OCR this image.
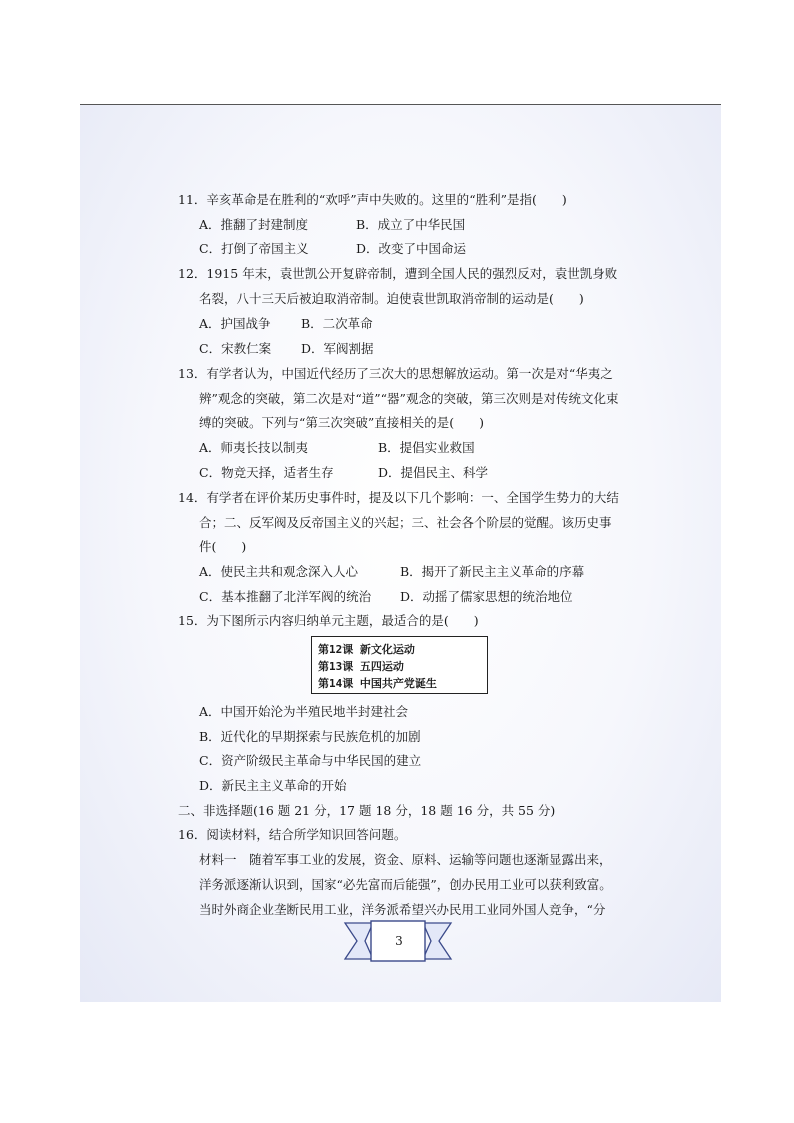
11．辛亥革命是在胜利的“欢呼”声中失败的。这里的“胜利”是指(　　)
A．推翻了封建制度	B．成立了中华民国
C．打倒了帝国主义	D．改变了中国命运
12．1915 年末，袁世凯公开复辟帝制，遭到全国人民的强烈反对，袁世凯身败
名裂，八十三天后被迫取消帝制。迫使袁世凯取消帝制的运动是(　　)
A．护国战争 B．二次革命
C．宋教仁案 D．军阀割据
13．有学者认为，中国近代经历了三次大的思想解放运动。第一次是对“华夷之
辨”观念的突破，第二次是对“道”“器”观念的突破，第三次则是对传统文化束
缚的突破。下列与“第三次突破”直接相关的是(　　)
A．师夷长技以制夷	B．提倡实业救国
C．物竞天择，适者生存	D．提倡民主、科学
14．有学者在评价某历史事件时，提及以下几个影响：一、全国学生势力的大结
合；二、反军阀及反帝国主义的兴起；三、社会各个阶层的觉醒。该历史事
件(　　)
A．使民主共和观念深入人心	B．揭开了新民主主义革命的序幕
C．基本推翻了北洋军阀的统治 D．动摇了儒家思想的统治地位
15．为下图所示内容归纳单元主题，最适合的是(　　)
第12课 新文化运动
第13课 五四运动
第14课 中国共产党诞生
A．中国开始沦为半殖民地半封建社会
B．近代化的早期探索与民族危机的加剧
C．资产阶级民主革命与中华民国的建立
D．新民主主义革命的开始
二、非选择题(16 题 21 分，17 题 18 分，18 题 16 分，共 55 分)
16．阅读材料，结合所学知识回答问题。
材料一　随着军事工业的发展，资金、原料、运输等问题也逐渐显露出来，
洋务派逐渐认识到，国家“必先富而后能强”，创办民用工业可以获利致富。
当时外商企业垄断民用工业，洋务派希望兴办民用工业同外国人竞争，“分
3
